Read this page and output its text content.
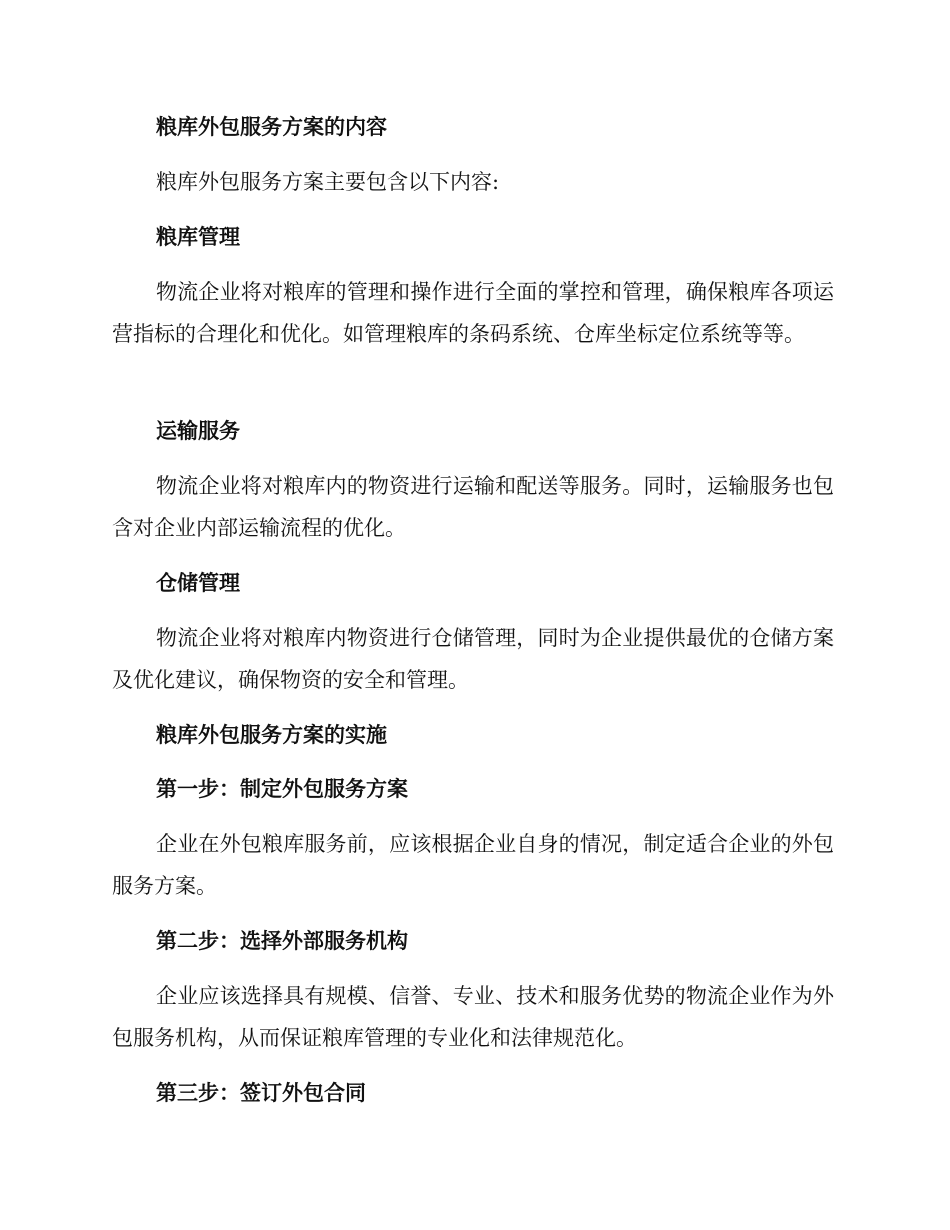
粮库外包服务方案的内容

粮库外包服务方案主要包含以下内容:

粮库管理

物流企业将对粮库的管理和操作进行全面的掌控和管理，确保粮库各项运营指标的合理化和优化。如管理粮库的条码系统、仓库坐标定位系统等等。

运输服务

物流企业将对粮库内的物资进行运输和配送等服务。同时，运输服务也包含对企业内部运输流程的优化。

仓储管理

物流企业将对粮库内物资进行仓储管理，同时为企业提供最优的仓储方案及优化建议，确保物资的安全和管理。

粮库外包服务方案的实施
第一步：制定外包服务方案

企业在外包粮库服务前，应该根据企业自身的情况，制定适合企业的外包服务方案。

第二步：选择外部服务机构

企业应该选择具有规模、信誉、专业、技术和服务优势的物流企业作为外包服务机构，从而保证粮库管理的专业化和法律规范化。

第三步：签订外包合同
